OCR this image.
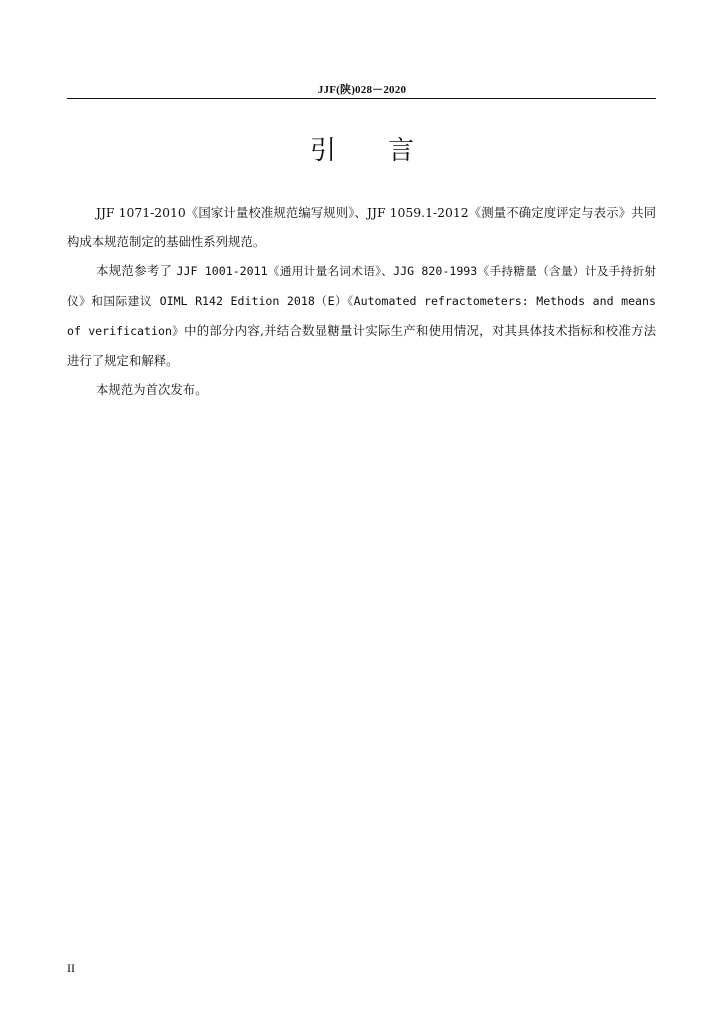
JJF(陕)028－2020
引 言

JJF 1071-2010《国家计量校准规范编写规则》、JJF 1059.1-2012《测量不确定度评定与表示》共同构成本规范制定的基础性系列规范。

本规范参考了 JJF 1001-2011《通用计量名词术语》、JJG 820-1993《手持糖量（含量）计及手持折射仪》和国际建议 OIML R142 Edition 2018（E）《Automated refractometers: Methods and means of verification》中的部分内容,并结合数显糖量计实际生产和使用情况，对其具体技术指标和校准方法进行了规定和解释。

本规范为首次发布。

II
